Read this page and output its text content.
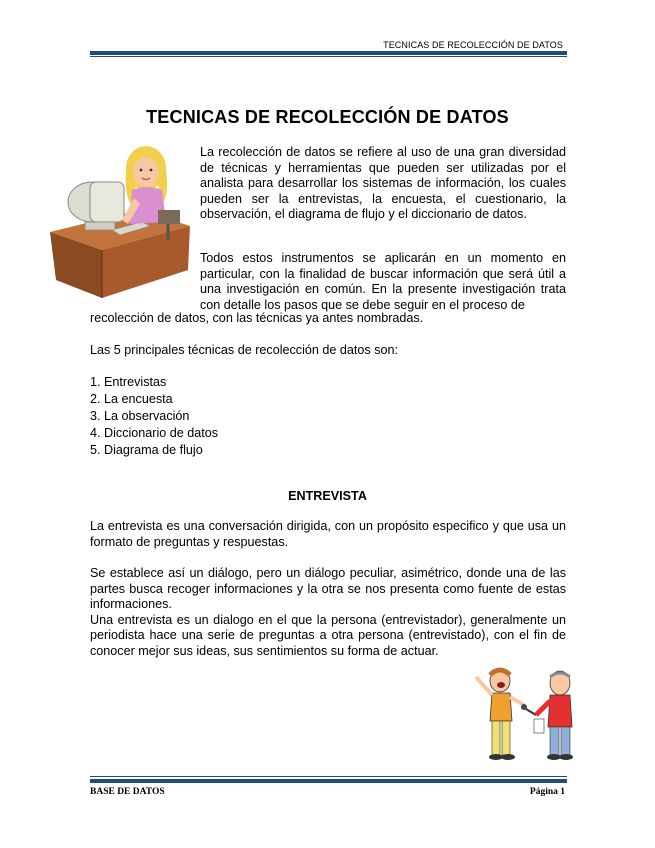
TECNICAS DE RECOLECCIÓN DE DATOS
TECNICAS DE RECOLECCIÓN DE DATOS

La recolección de datos se refiere al uso de una gran diversidad de técnicas y herramientas que pueden ser utilizadas por el analista para desarrollar los sistemas de información, los cuales pueden ser la entrevistas, la encuesta, el cuestionario, la observación, el diagrama de flujo y el diccionario de datos.

Todos estos instrumentos se aplicarán en un momento en particular, con la finalidad de buscar información que será útil a una investigación en común. En la presente investigación trata con detalle los pasos que se debe seguir en el proceso de

recolección de datos, con las técnicas ya antes nombradas.

Las 5 principales técnicas de recolección de datos son:

1. Entrevistas
2. La encuesta
3. La observación
4. Diccionario de datos
5. Diagrama de flujo
ENTREVISTA

La entrevista es una conversación dirigida, con un propósito especifico y que usa un formato de preguntas y respuestas.

Se establece así un diálogo, pero un diálogo peculiar, asimétrico, donde una de las partes busca recoger informaciones y la otra se nos presenta como fuente de estas informaciones.
Una entrevista es un dialogo en el que la persona (entrevistador), generalmente un periodista hace una serie de preguntas a otra persona (entrevistado), con el fin de conocer mejor sus ideas, sus sentimientos su forma de actuar.
BASE DE DATOS	Página 1
